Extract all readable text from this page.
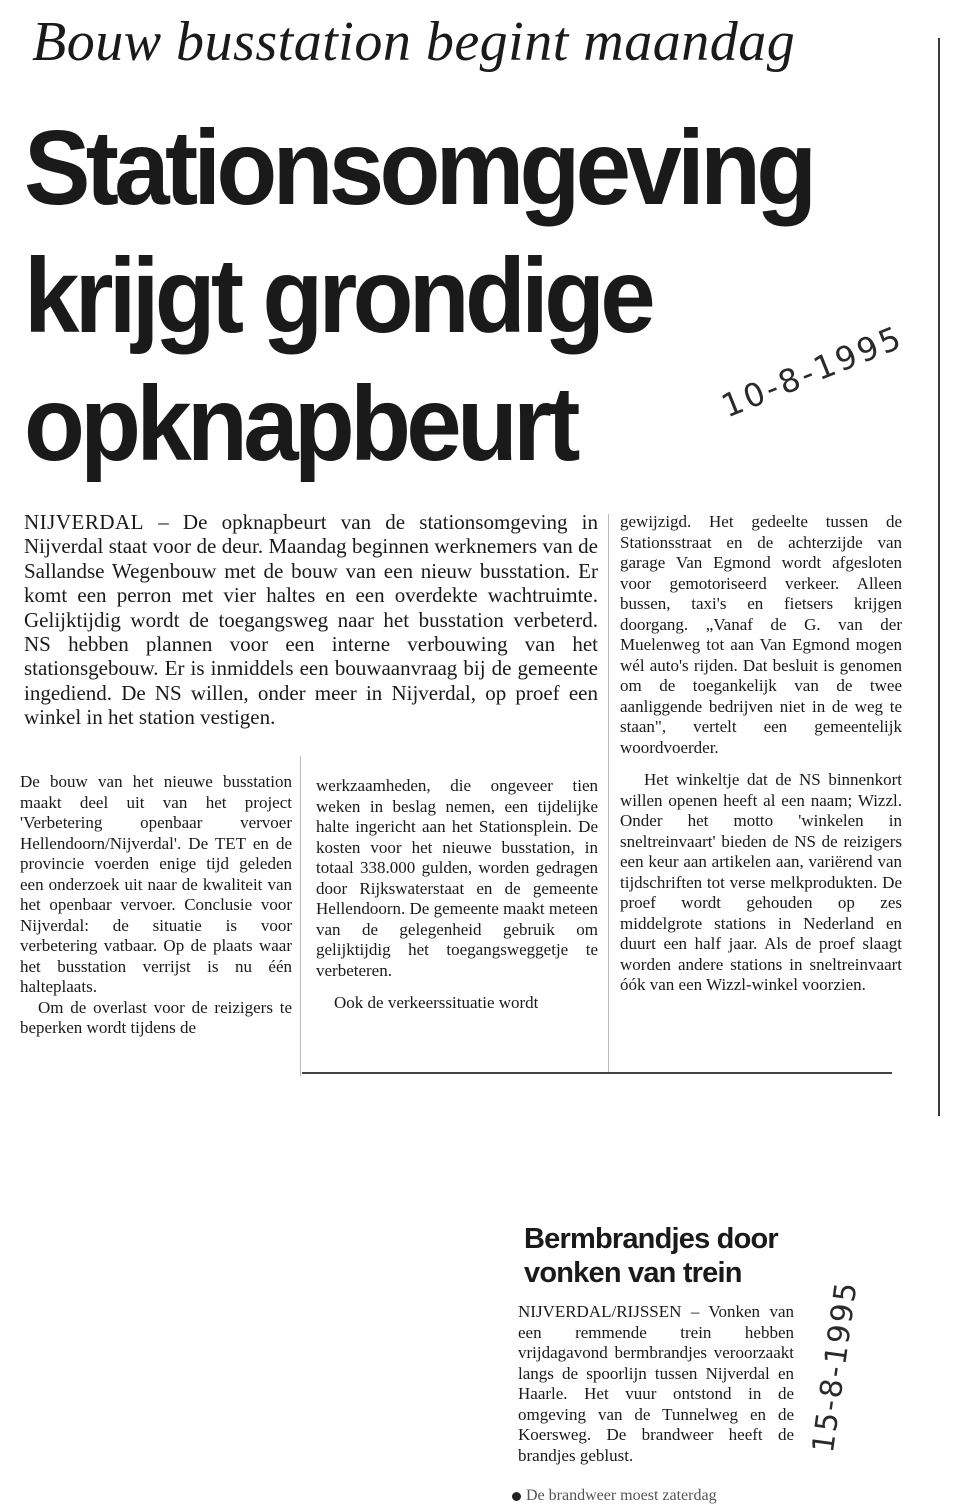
Bouw busstation begint maandag
Stationsomgeving
krijgt grondige
opknapbeurt	10-8-1995
NIJVERDAL – De opknapbeurt van de stationsomgeving in Nijverdal staat voor de deur. Maandag beginnen werknemers van de Sallandse Wegenbouw met de bouw van een nieuw busstation. Er komt een perron met vier haltes en een overdekte wachtruimte. Gelijktijdig wordt de toegangsweg naar het busstation verbeterd. NS hebben plannen voor een interne verbouwing van het stationsgebouw. Er is inmiddels een bouwaanvraag bij de gemeente ingediend. De NS willen, onder meer in Nijverdal, op proef een winkel in het station vestigen.

gewijzigd. Het gedeelte tussen de Stationsstraat en de achterzijde van garage Van Egmond wordt afgesloten voor gemotoriseerd verkeer. Alleen bussen, taxi's en fietsers krijgen doorgang. „Vanaf de G. van der Muelenweg tot aan Van Egmond mogen wél auto's rijden. Dat besluit is genomen om de toegankelijk van de twee aanliggende bedrijven niet in de weg te staan", vertelt een gemeentelijk woordvoerder.

Het winkeltje dat de NS binnenkort willen openen heeft al een naam; Wizzl. Onder het motto 'winkelen in sneltreinvaart' bieden de NS de reizigers een keur aan artikelen aan, variërend van tijdschriften tot verse melkprodukten. De proef wordt gehouden op zes middelgrote stations in Nederland en duurt een half jaar. Als de proef slaagt worden andere stations in sneltreinvaart óók van een Wizzl-winkel voorzien.

De bouw van het nieuwe busstation maakt deel uit van het project 'Verbetering openbaar vervoer Hellendoorn/Nijverdal'. De TET en de provincie voerden enige tijd geleden een onderzoek uit naar de kwaliteit van het openbaar vervoer. Conclusie voor Nijverdal: de situatie is voor verbetering vatbaar. Op de plaats waar het busstation verrijst is nu één halteplaats.

Om de overlast voor de reizigers te beperken wordt tijdens de

werkzaamheden, die ongeveer tien weken in beslag nemen, een tijdelijke halte ingericht aan het Stationsplein. De kosten voor het nieuwe busstation, in totaal 338.000 gulden, worden gedragen door Rijkswaterstaat en de gemeente Hellendoorn. De gemeente maakt meteen van de gelegenheid gebruik om gelijktijdig het toegangsweggetje te verbeteren.

Ook de verkeerssituatie wordt

Bermbrandjes door
vonken van trein
15-8-1995
NIJVERDAL/RIJSSEN – Vonken van een remmende trein hebben vrijdagavond bermbrandjes veroorzaakt langs de spoorlijn tussen Nijverdal en Haarle. Het vuur ontstond in de omgeving van de Tunnelweg en de Koersweg. De brandweer heeft de brandjes geblust.
De brandweer moest zaterdag
